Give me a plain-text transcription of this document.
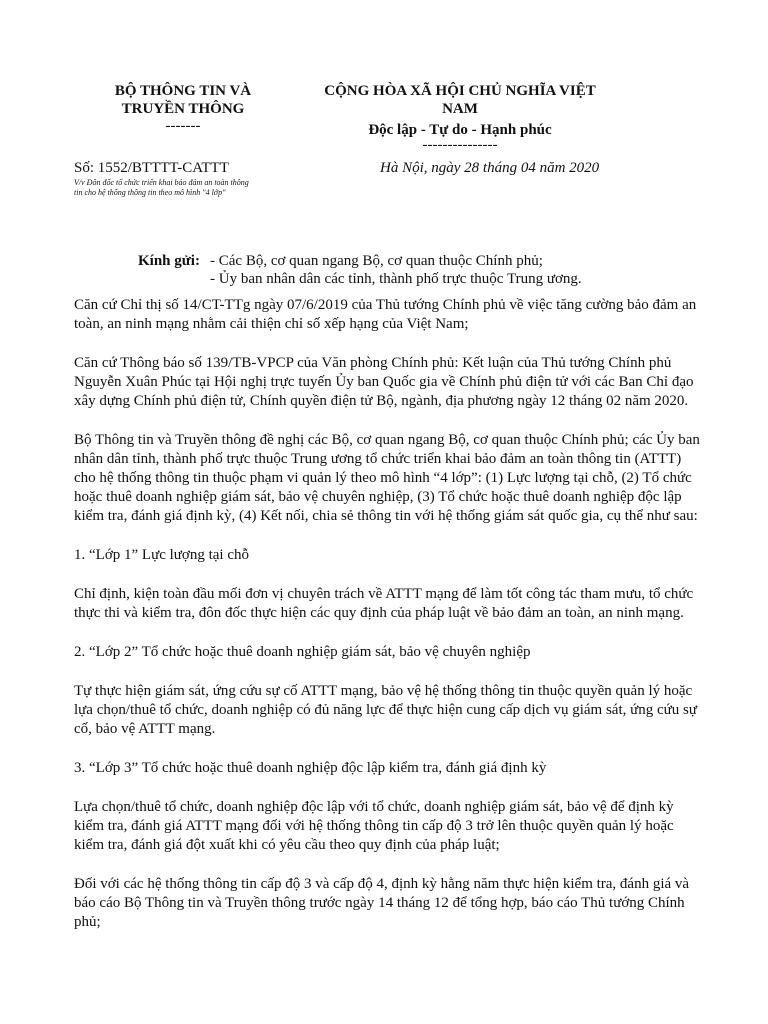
BỘ THÔNG TIN VÀ
TRUYỀN THÔNG
-------
CỘNG HÒA XÃ HỘI CHỦ NGHĨA VIỆT
NAM
Độc lập - Tự do - Hạnh phúc
---------------
Số: 1552/BTTTT-CATTT
V/v Đôn đốc tổ chức triển khai bảo đảm an toàn thông
tin cho hệ thống thông tin theo mô hình "4 lớp"
Hà Nội, ngày 28 tháng 04 năm 2020
Kính gửi: - Các Bộ, cơ quan ngang Bộ, cơ quan thuộc Chính phủ;
- Ủy ban nhân dân các tỉnh, thành phố trực thuộc Trung ương.

Căn cứ Chỉ thị số 14/CT-TTg ngày 07/6/2019 của Thủ tướng Chính phủ về việc tăng cường bảo đảm an toàn, an ninh mạng nhằm cải thiện chỉ số xếp hạng của Việt Nam;

Căn cứ Thông báo số 139/TB-VPCP của Văn phòng Chính phủ: Kết luận của Thủ tướng Chính phủ Nguyễn Xuân Phúc tại Hội nghị trực tuyến Ủy ban Quốc gia về Chính phủ điện tử với các Ban Chỉ đạo xây dựng Chính phủ điện tử, Chính quyền điện tử Bộ, ngành, địa phương ngày 12 tháng 02 năm 2020.

Bộ Thông tin và Truyền thông đề nghị các Bộ, cơ quan ngang Bộ, cơ quan thuộc Chính phủ; các Ủy ban nhân dân tỉnh, thành phố trực thuộc Trung ương tổ chức triển khai bảo đảm an toàn thông tin (ATTT) cho hệ thống thông tin thuộc phạm vi quản lý theo mô hình “4 lớp”: (1) Lực lượng tại chỗ, (2) Tổ chức hoặc thuê doanh nghiệp giám sát, bảo vệ chuyên nghiệp, (3) Tổ chức hoặc thuê doanh nghiệp độc lập kiểm tra, đánh giá định kỳ, (4) Kết nối, chia sẻ thông tin với hệ thống giám sát quốc gia, cụ thể như sau:

1. “Lớp 1” Lực lượng tại chỗ

Chỉ định, kiện toàn đầu mối đơn vị chuyên trách về ATTT mạng để làm tốt công tác tham mưu, tổ chức thực thi và kiểm tra, đôn đốc thực hiện các quy định của pháp luật về bảo đảm an toàn, an ninh mạng.

2. “Lớp 2” Tổ chức hoặc thuê doanh nghiệp giám sát, bảo vệ chuyên nghiệp

Tự thực hiện giám sát, ứng cứu sự cố ATTT mạng, bảo vệ hệ thống thông tin thuộc quyền quản lý hoặc lựa chọn/thuê tổ chức, doanh nghiệp có đủ năng lực để thực hiện cung cấp dịch vụ giám sát, ứng cứu sự cố, bảo vệ ATTT mạng.

3. “Lớp 3” Tổ chức hoặc thuê doanh nghiệp độc lập kiểm tra, đánh giá định kỳ

Lựa chọn/thuê tổ chức, doanh nghiệp độc lập với tổ chức, doanh nghiệp giám sát, bảo vệ để định kỳ kiểm tra, đánh giá ATTT mạng đối với hệ thống thông tin cấp độ 3 trở lên thuộc quyền quản lý hoặc kiểm tra, đánh giá đột xuất khi có yêu cầu theo quy định của pháp luật;

Đối với các hệ thống thông tin cấp độ 3 và cấp độ 4, định kỳ hằng năm thực hiện kiểm tra, đánh giá và báo cáo Bộ Thông tin và Truyền thông trước ngày 14 tháng 12 để tổng hợp, báo cáo Thủ tướng Chính phủ;
